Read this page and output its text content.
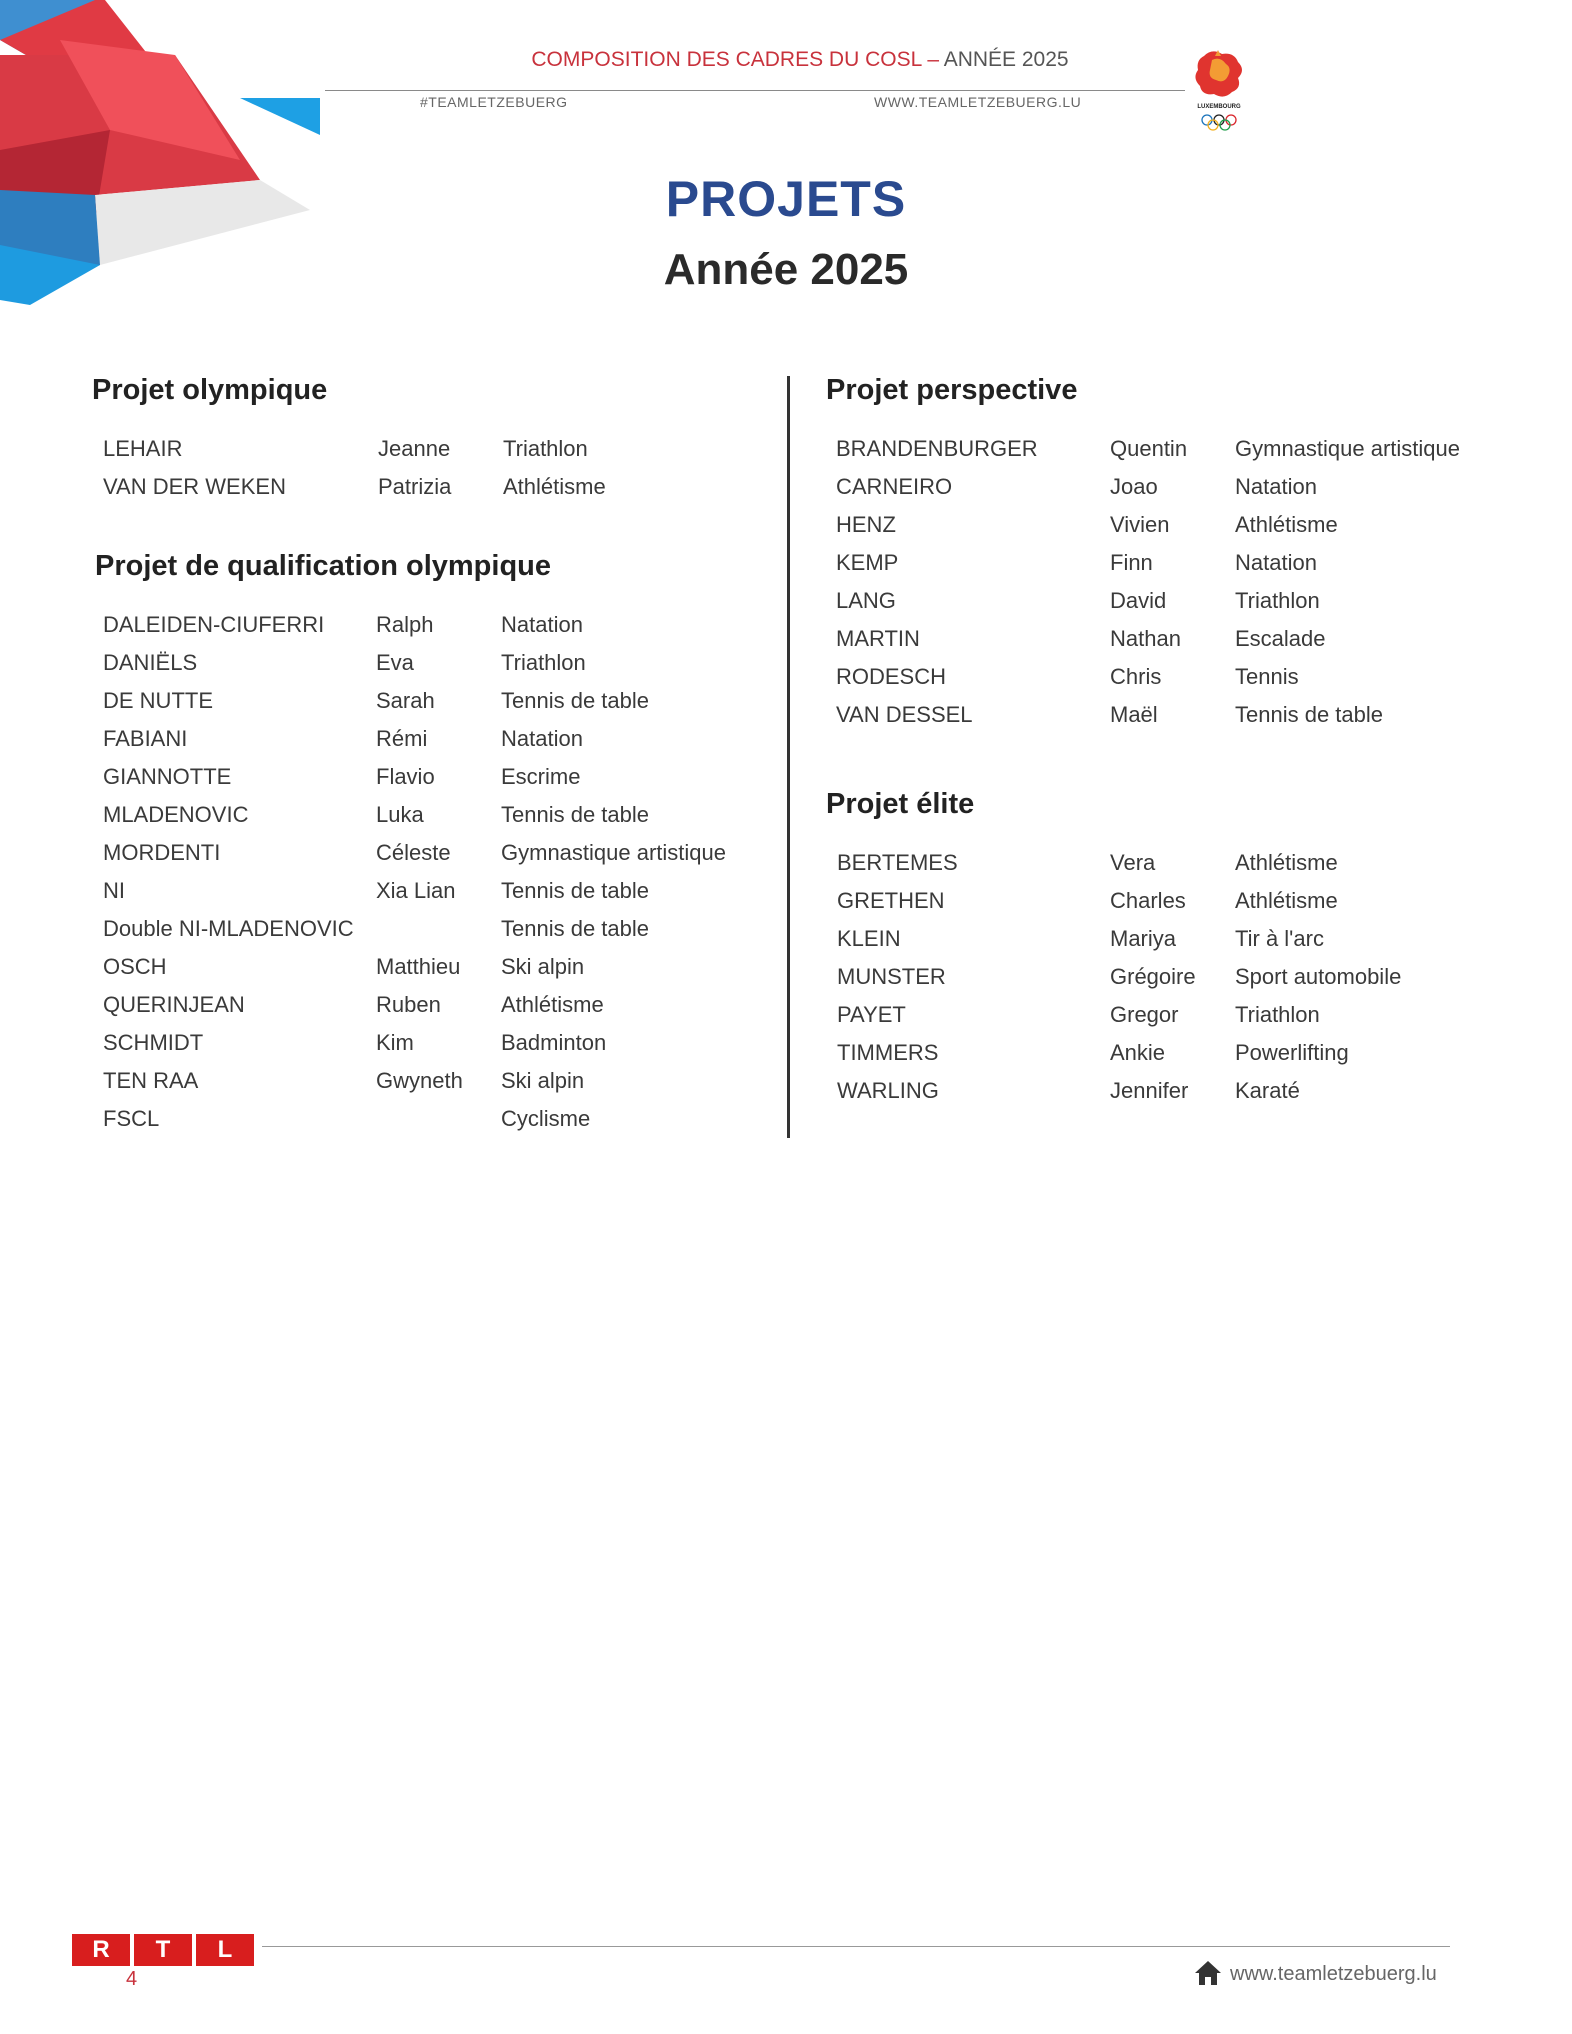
COMPOSITION DES CADRES DU COSL – ANNÉE 2025
#TEAMLETZEBUERG	WWW.TEAMLETZEBUERG.LU	LUXEMBOURG
PROJETS
Année 2025
Projet olympique
Projet de qualification olympique
Projet perspective
Projet élite
LEHAIR	Jeanne	Triathlon
VAN DER WEKEN	Patrizia	Athlétisme
DALEIDEN-CIUFERRI	Ralph	Natation
DANIËLS	Eva	Triathlon
DE NUTTE	Sarah	Tennis de table
FABIANI	Rémi	Natation
GIANNOTTE	Flavio	Escrime
MLADENOVIC	Luka	Tennis de table
MORDENTI	Céleste	Gymnastique artistique
NI	Xia Lian	Tennis de table
Double NI-MLADENOVIC		Tennis de table
OSCH	Matthieu	Ski alpin
QUERINJEAN	Ruben	Athlétisme
SCHMIDT	Kim	Badminton
TEN RAA	Gwyneth	Ski alpin
FSCL		Cyclisme
BRANDENBURGER	Quentin	Gymnastique artistique
CARNEIRO	Joao	Natation
HENZ	Vivien	Athlétisme
KEMP	Finn	Natation
LANG	David	Triathlon
MARTIN	Nathan	Escalade
RODESCH	Chris	Tennis
VAN DESSEL	Maël	Tennis de table
BERTEMES	Vera	Athlétisme
GRETHEN	Charles	Athlétisme
KLEIN	Mariya	Tir à l'arc
MUNSTER	Grégoire	Sport automobile
PAYET	Gregor	Triathlon
TIMMERS	Ankie	Powerlifting
WARLING	Jennifer	Karaté
R	T	L
4	www.teamletzebuerg.lu
